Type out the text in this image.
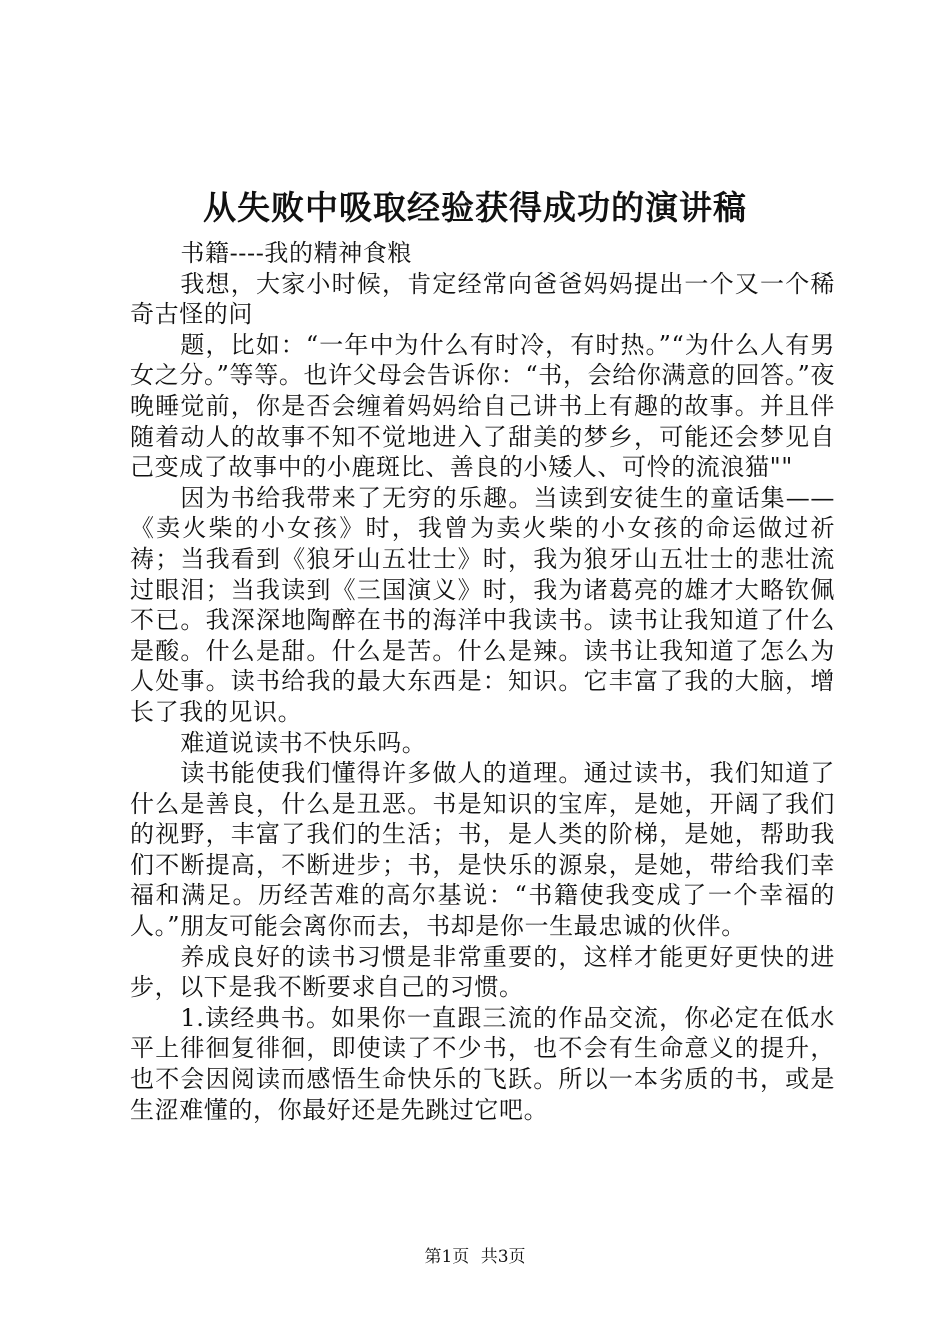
从失败中吸取经验获得成功的演讲稿

书籍----我的精神食粮

我想，大家小时候，肯定经常向爸爸妈妈提出一个又一个稀奇古怪的问

题，比如：“一年中为什么有时冷，有时热。”“为什么人有男女之分。”等等。也许父母会告诉你：“书，会给你满意的回答。”夜晚睡觉前，你是否会缠着妈妈给自己讲书上有趣的故事。并且伴随着动人的故事不知不觉地进入了甜美的梦乡，可能还会梦见自己变成了故事中的小鹿斑比、善良的小矮人、可怜的流浪猫""

因为书给我带来了无穷的乐趣。当读到安徒生的童话集——《卖火柴的小女孩》时，我曾为卖火柴的小女孩的命运做过祈祷；当我看到《狼牙山五壮士》时，我为狼牙山五壮士的悲壮流过眼泪；当我读到《三国演义》时，我为诸葛亮的雄才大略钦佩不已。我深深地陶醉在书的海洋中我读书。读书让我知道了什么是酸。什么是甜。什么是苦。什么是辣。读书让我知道了怎么为人处事。读书给我的最大东西是：知识。它丰富了我的大脑，增长了我的见识。

难道说读书不快乐吗。

读书能使我们懂得许多做人的道理。通过读书，我们知道了什么是善良，什么是丑恶。书是知识的宝库，是她，开阔了我们的视野，丰富了我们的生活；书，是人类的阶梯，是她，帮助我们不断提高，不断进步；书，是快乐的源泉，是她，带给我们幸福和满足。历经苦难的高尔基说：“书籍使我变成了一个幸福的人。”朋友可能会离你而去，书却是你一生最忠诚的伙伴。

养成良好的读书习惯是非常重要的，这样才能更好更快的进步，以下是我不断要求自己的习惯。

1.读经典书。如果你一直跟三流的作品交流，你必定在低水平上徘徊复徘徊，即使读了不少书，也不会有生命意义的提升，也不会因阅读而感悟生命快乐的飞跃。所以一本劣质的书，或是生涩难懂的，你最好还是先跳过它吧。

第1页 共3页
